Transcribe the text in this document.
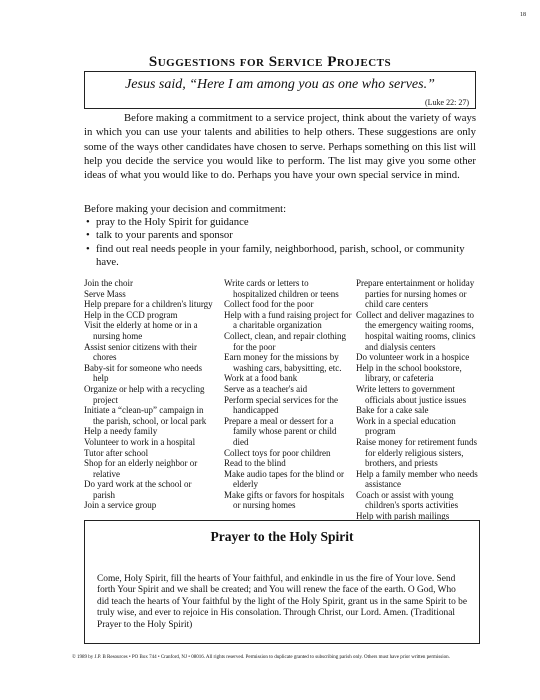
18
Suggestions for Service Projects
Jesus said, “Here I am among you as one who serves.”
(Luke 22: 27)

Before making a commitment to a service project, think about the variety of ways in which you can use your talents and abilities to help others. These suggestions are only some of the ways other candidates have chosen to serve. Perhaps something on this list will help you decide the service you would like to perform. The list may give you some other ideas of what you would like to do. Perhaps you have your own special service in mind.

Before making your decision and commitment:

• pray to the Holy Spirit for guidance
• talk to your parents and sponsor
• find out real needs people in your family, neighborhood, parish, school, or community have.
Join the choir
Serve Mass
Help prepare for a children's liturgy
Help in the CCD program
Visit the elderly at home or in a nursing home
Assist senior citizens with their chores
Baby-sit for someone who needs help
Organize or help with a recycling project
Initiate a “clean-up” campaign in the parish, school, or local park
Help a needy family
Volunteer to work in a hospital
Tutor after school
Shop for an elderly neighbor or relative
Do yard work at the school or parish
Join a service group
Write cards or letters to hospitalized children or teens
Collect food for the poor
Help with a fund raising project for a charitable organization
Collect, clean, and repair clothing for the poor
Earn money for the missions by washing cars, babysitting, etc.
Work at a food bank
Serve as a teacher's aid
Perform special services for the handicapped
Prepare a meal or dessert for a family whose parent or child died
Collect toys for poor children
Read to the blind
Make audio tapes for the blind or elderly
Make gifts or favors for hospitals or nursing homes
Prepare entertainment or holiday parties for nursing homes or child care centers
Collect and deliver magazines to the emergency waiting rooms, hospital waiting rooms, clinics and dialysis centers
Do volunteer work in a hospice
Help in the school bookstore, library, or cafeteria
Write letters to government officials about justice issues
Bake for a cake sale
Work in a special education program
Raise money for retirement funds for elderly religious sisters, brothers, and priests
Help a family member who needs assistance
Coach or assist with young children's sports activities
Help with parish mailings
Prayer to the Holy Spirit

Come, Holy Spirit, fill the hearts of Your faithful, and enkindle in us the fire of Your love. Send forth Your Spirit and we shall be created; and You will renew the face of the earth. O God, Who did teach the hearts of Your faithful by the light of the Holy Spirit, grant us in the same Spirit to be truly wise, and ever to rejoice in His consolation. Through Christ, our Lord. Amen. (Traditional Prayer to the Holy Spirit)

© 1989 by J.P. B Resources • PO Box 744 • Cranford, NJ • 08016. All rights reserved. Permission to duplicate granted to subscribing parish only. Others must have prior written permission.
